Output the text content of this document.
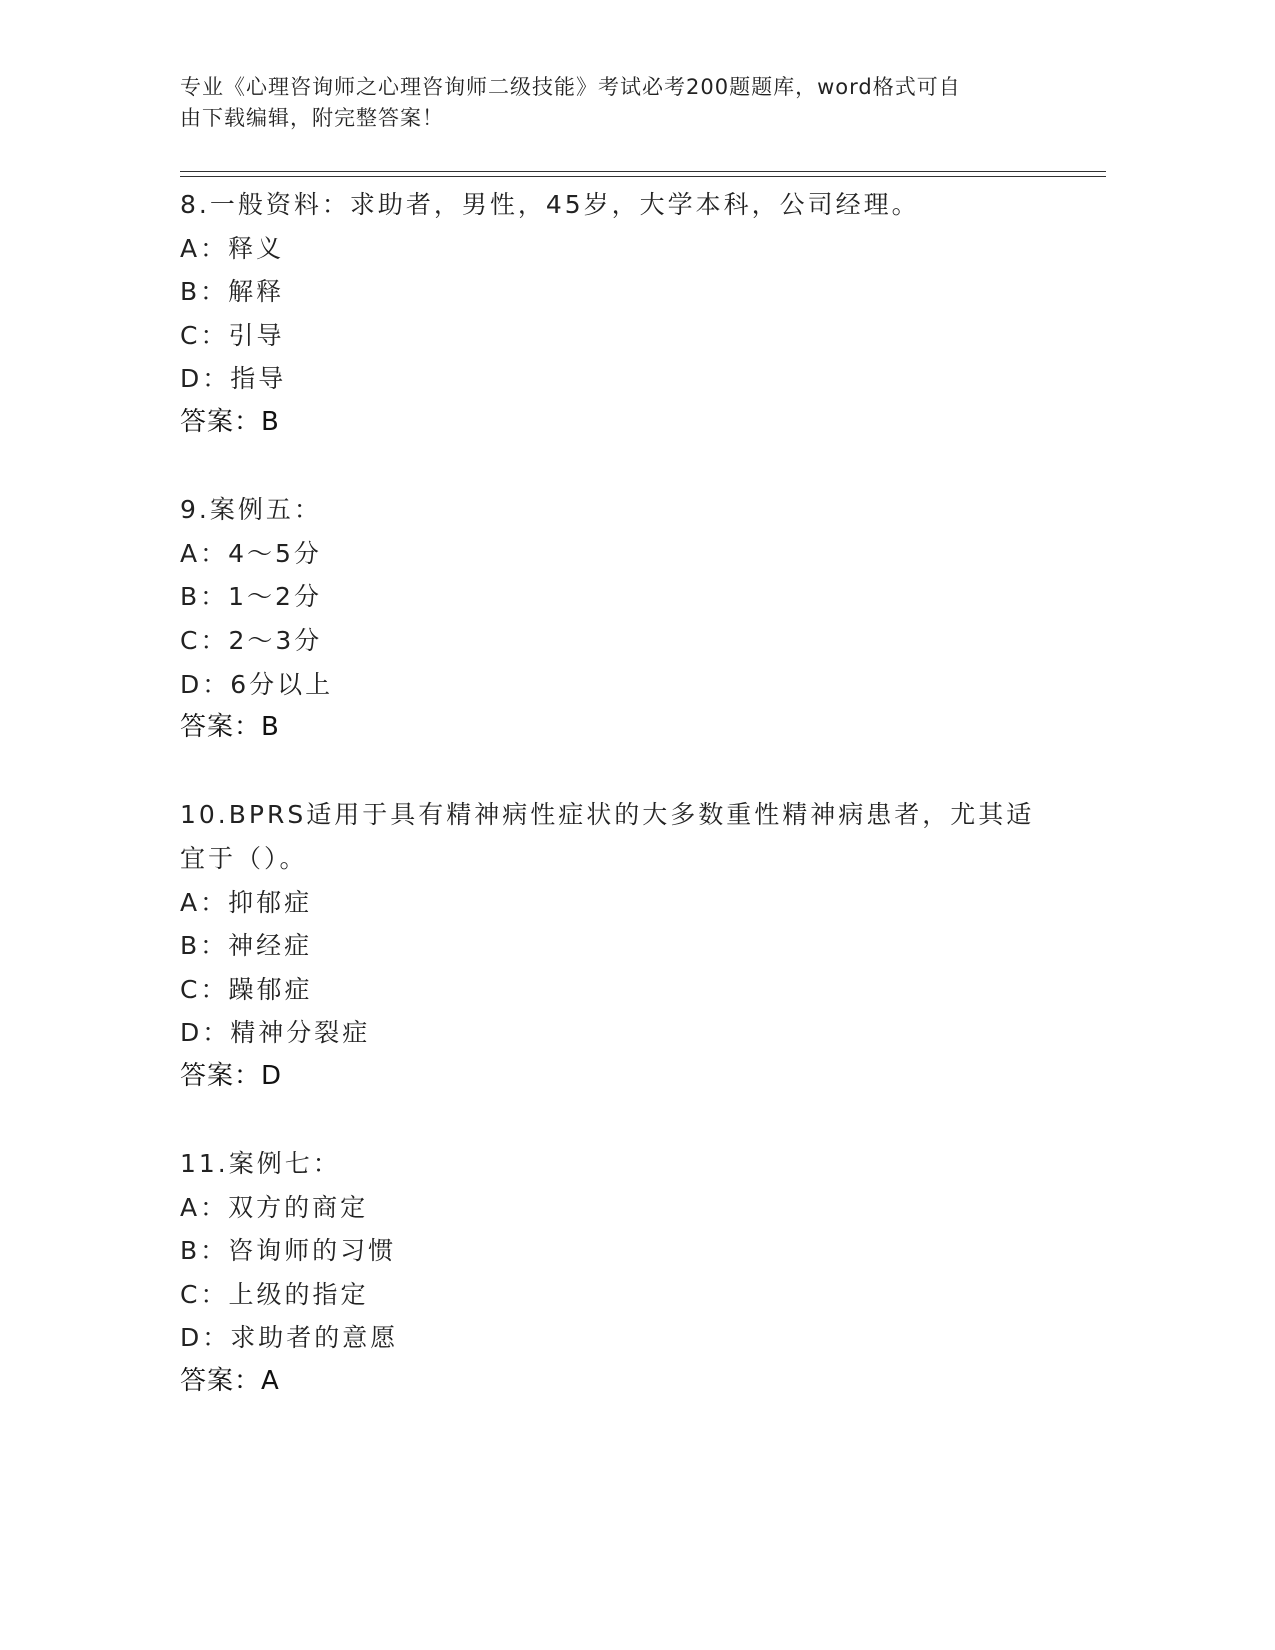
专业《心理咨询师之心理咨询师二级技能》考试必考200题题库，word格式可自
由下载编辑，附完整答案！
8.一般资料：求助者，男性，45岁，大学本科，公司经理。
A：释义
B：解释
C：引导
D：指导
答案：B
9.案例五：
A：4～5分
B：1～2分
C：2～3分
D：6分以上
答案：B
10.BPRS适用于具有精神病性症状的大多数重性精神病患者，尤其适宜于（）。
A：抑郁症
B：神经症
C：躁郁症
D：精神分裂症
答案：D
11.案例七：
A：双方的商定
B：咨询师的习惯
C：上级的指定
D：求助者的意愿
答案：A
